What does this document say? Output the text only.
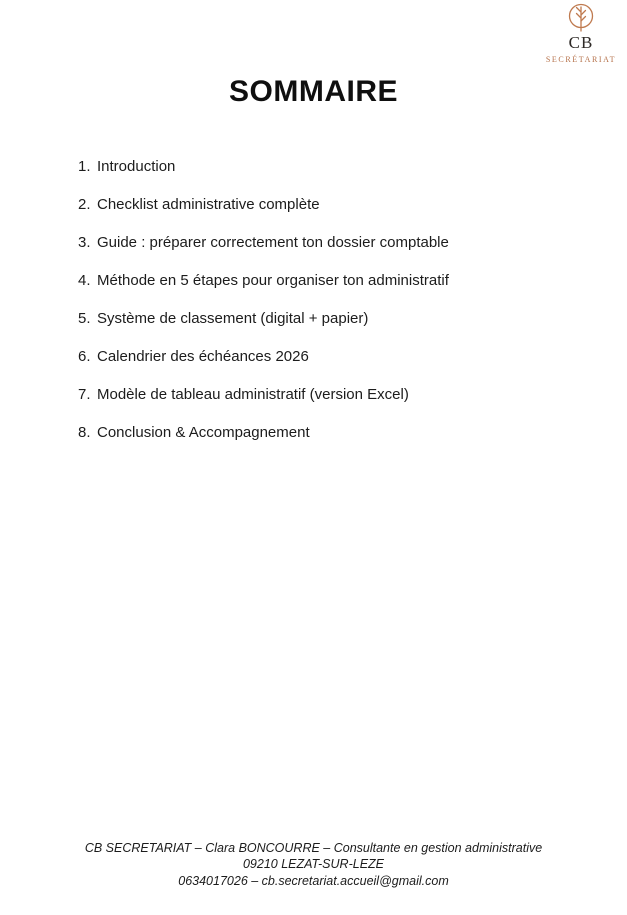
CB
SECRÉTARIAT
SOMMAIRE
1. Introduction
2. Checklist administrative complète
3. Guide : préparer correctement ton dossier comptable
4. Méthode en 5 étapes pour organiser ton administratif
5. Système de classement (digital + papier)
6. Calendrier des échéances 2026
7. Modèle de tableau administratif (version Excel)
8. Conclusion & Accompagnement
CB SECRETARIAT – Clara BONCOURRE – Consultante en gestion administrative
09210 LEZAT-SUR-LEZE
0634017026 – cb.secretariat.accueil@gmail.com
